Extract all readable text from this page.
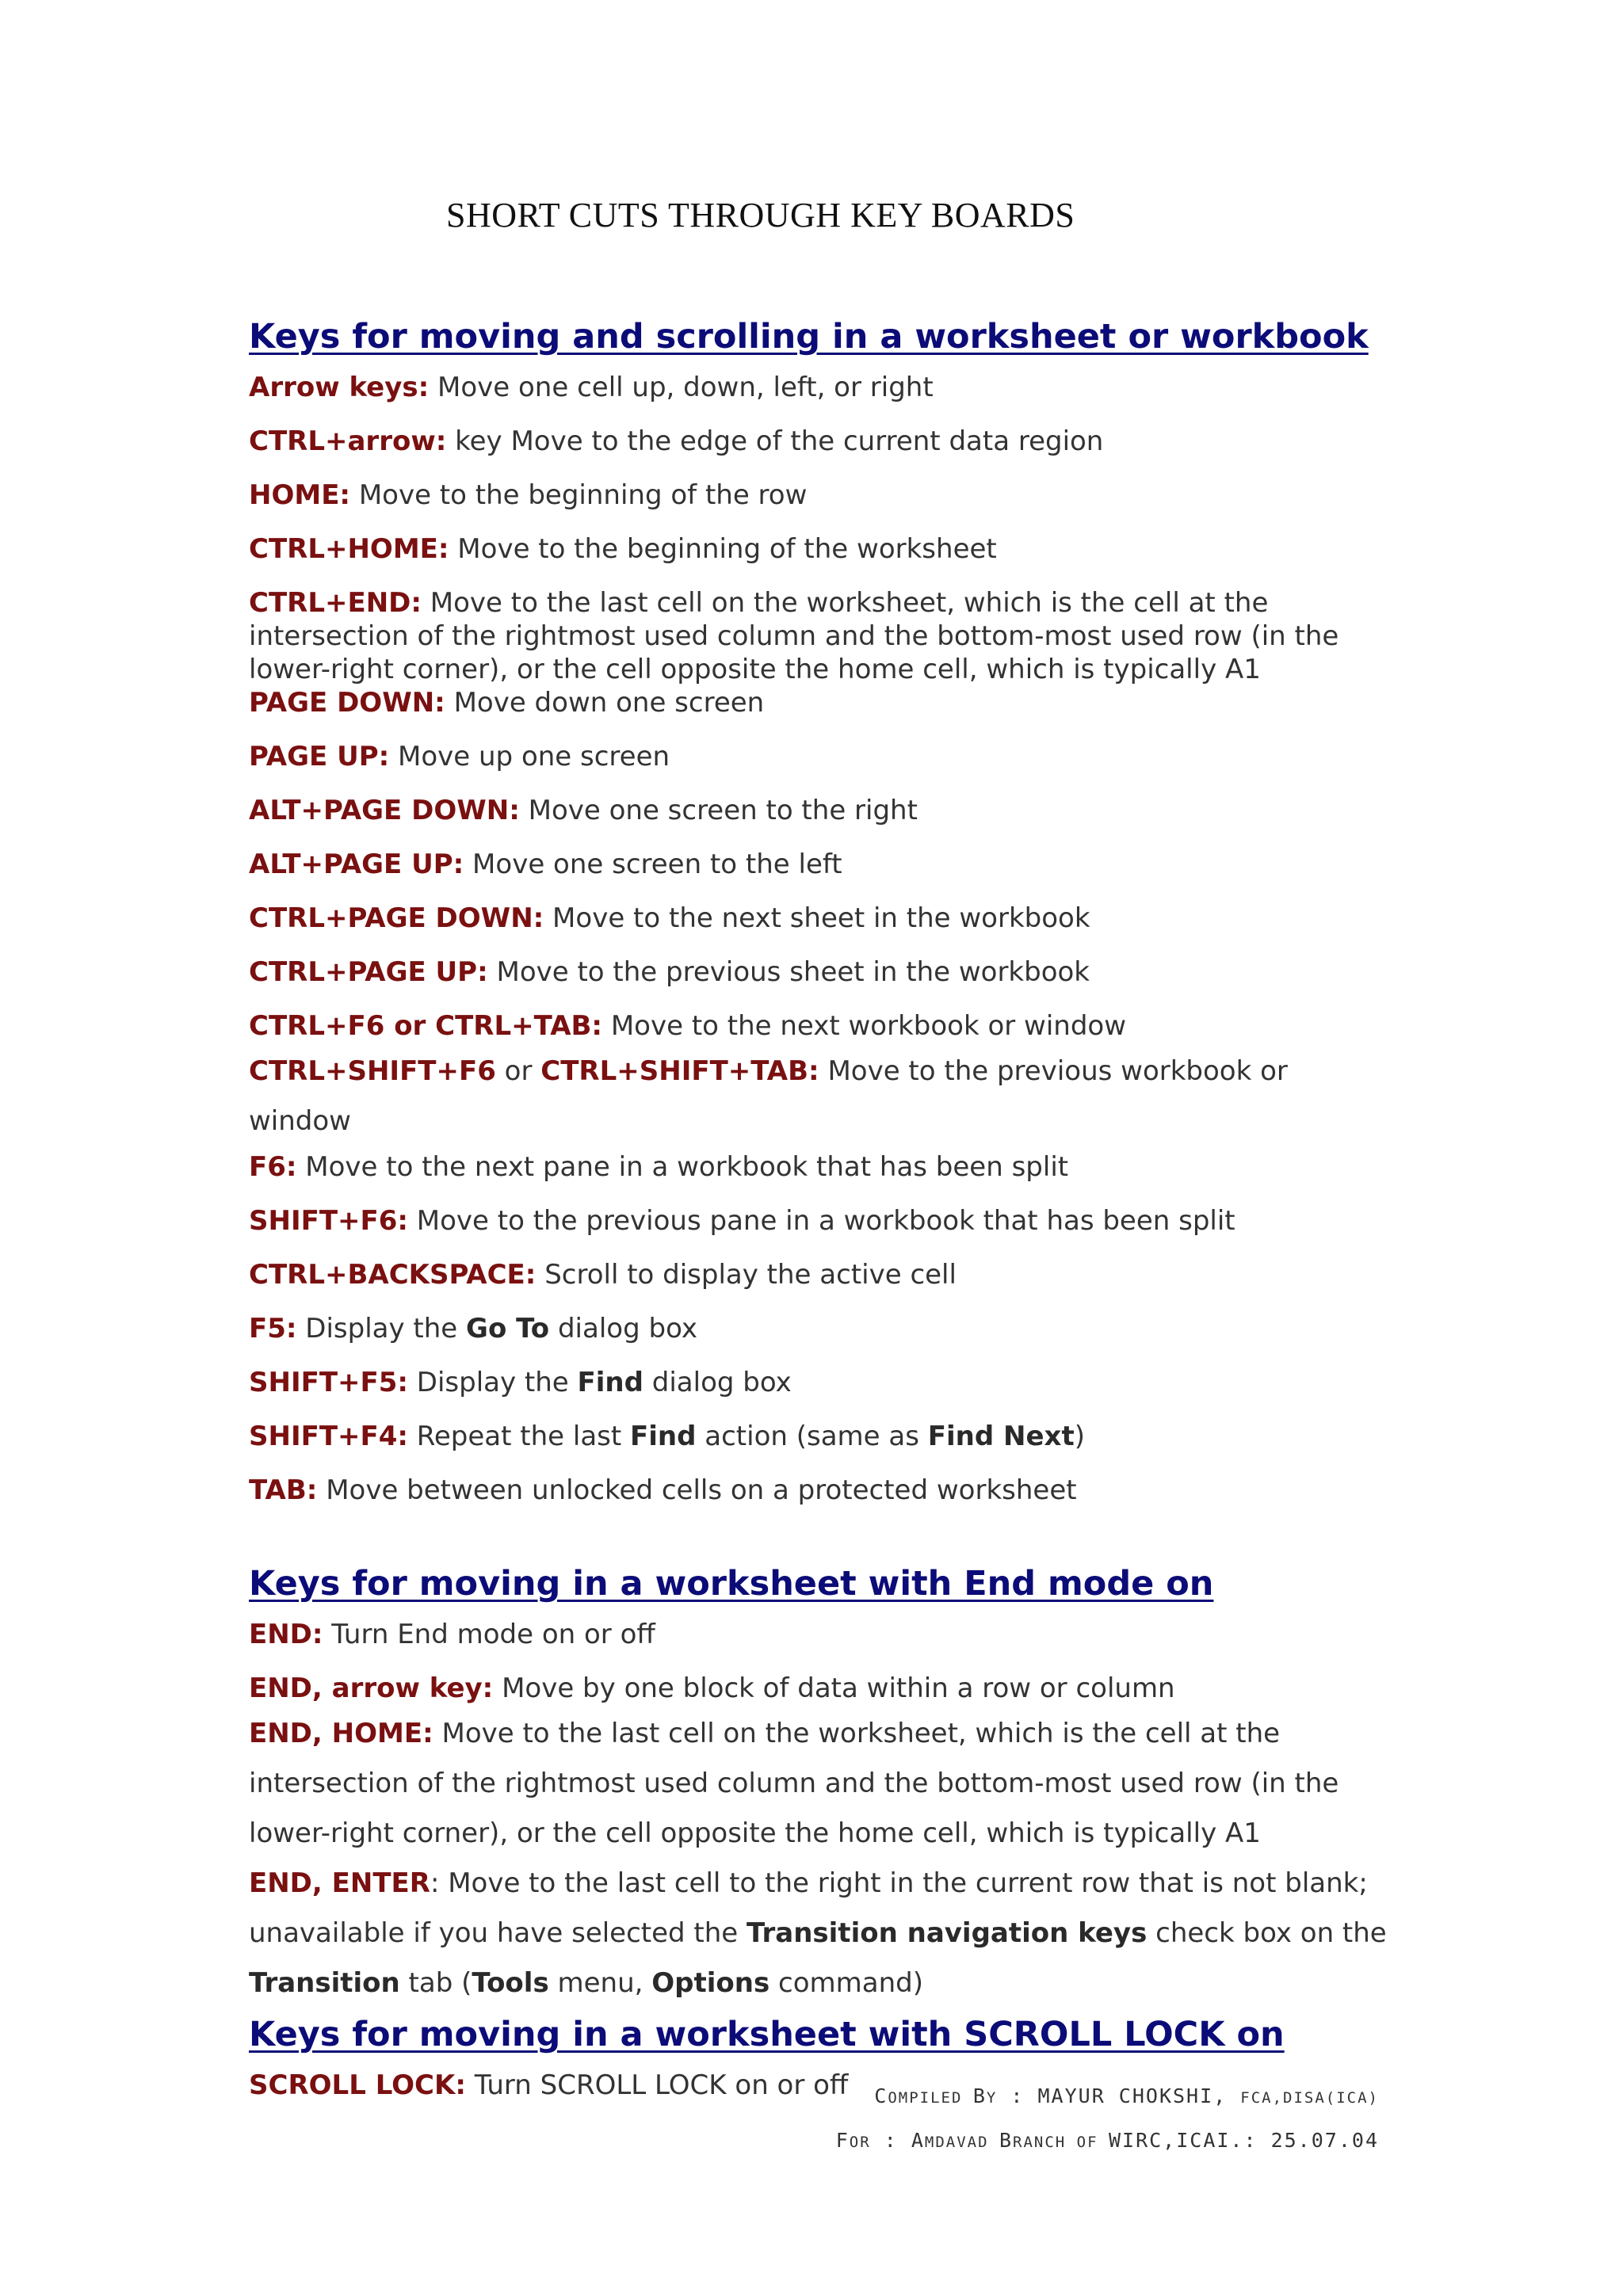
SHORT CUTS THROUGH KEY BOARDS
Keys for moving and scrolling in a worksheet or workbook

Arrow keys: Move one cell up, down, left, or right

CTRL+arrow: key Move to the edge of the current data region

HOME: Move to the beginning of the row

CTRL+HOME: Move to the beginning of the worksheet

CTRL+END: Move to the last cell on the worksheet, which is the cell at the intersection of the rightmost used column and the bottom-most used row (in the lower-right corner), or the cell opposite the home cell, which is typically A1

PAGE DOWN: Move down one screen

PAGE UP: Move up one screen

ALT+PAGE DOWN: Move one screen to the right

ALT+PAGE UP: Move one screen to the left

CTRL+PAGE DOWN: Move to the next sheet in the workbook

CTRL+PAGE UP: Move to the previous sheet in the workbook

CTRL+F6 or CTRL+TAB: Move to the next workbook or window

CTRL+SHIFT+F6 or CTRL+SHIFT+TAB: Move to the previous workbook or window

F6: Move to the next pane in a workbook that has been split

SHIFT+F6: Move to the previous pane in a workbook that has been split

CTRL+BACKSPACE: Scroll to display the active cell

F5: Display the Go To dialog box

SHIFT+F5: Display the Find dialog box

SHIFT+F4: Repeat the last Find action (same as Find Next)

TAB: Move between unlocked cells on a protected worksheet

Keys for moving in a worksheet with End mode on

END: Turn End mode on or off

END, arrow key: Move by one block of data within a row or column

END, HOME: Move to the last cell on the worksheet, which is the cell at the intersection of the rightmost used column and the bottom-most used row (in the lower-right corner), or the cell opposite the home cell, which is typically A1

END, ENTER: Move to the last cell to the right in the current row that is not blank; unavailable if you have selected the Transition navigation keys check box on the Transition tab (Tools menu, Options command)

Keys for moving in a worksheet with SCROLL LOCK on

SCROLL LOCK: Turn SCROLL LOCK on or off	COMPILED BY : MAYUR CHOKSHI, FCA,DISA(ICA)
FOR : AMDAVAD BRANCH OF WIRC,ICAI.: 25.07.04
